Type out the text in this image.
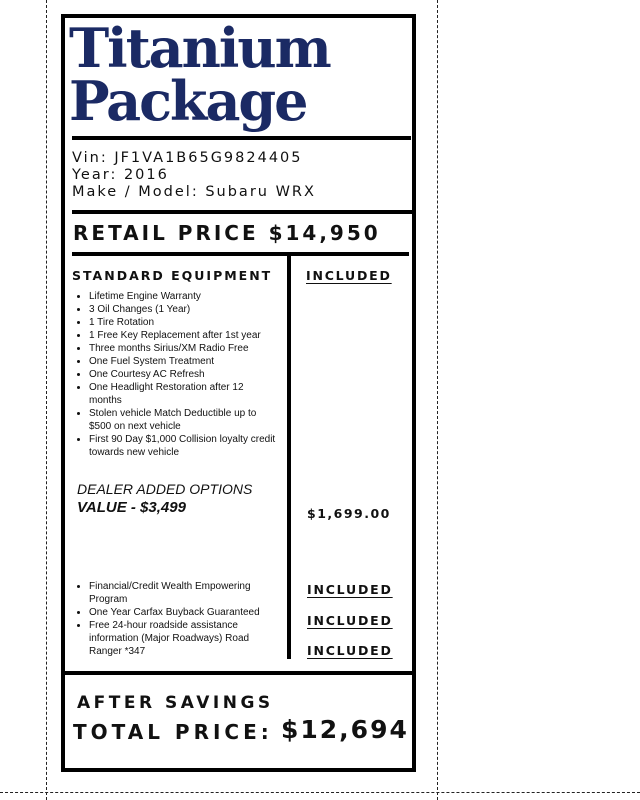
Titanium
Package
Vin: JF1VA1B65G9824405
Year: 2016
Make / Model: Subaru WRX
RETAIL PRICE $14,950
STANDARD EQUIPMENT	INCLUDED
• Lifetime Engine Warranty
• 3 Oil Changes (1 Year)
• 1 Tire Rotation
• 1 Free Key Replacement after 1st year
• Three months Sirius/XM Radio Free
• One Fuel System Treatment
• One Courtesy AC Refresh
• One Headlight Restoration after 12 months
• Stolen vehicle Match Deductible up to $500 on next vehicle
• First 90 Day $1,000 Collision loyalty credit towards new vehicle
DEALER ADDED OPTIONS
VALUE - $3,499	$1,699.00
• Financial/Credit Wealth Empowering Program
• One Year Carfax Buyback Guaranteed
• Free 24-hour roadside assistance information (Major Roadways) Road Ranger *347
INCLUDED
INCLUDED
INCLUDED
AFTER SAVINGS
TOTAL PRICE: $12,694
